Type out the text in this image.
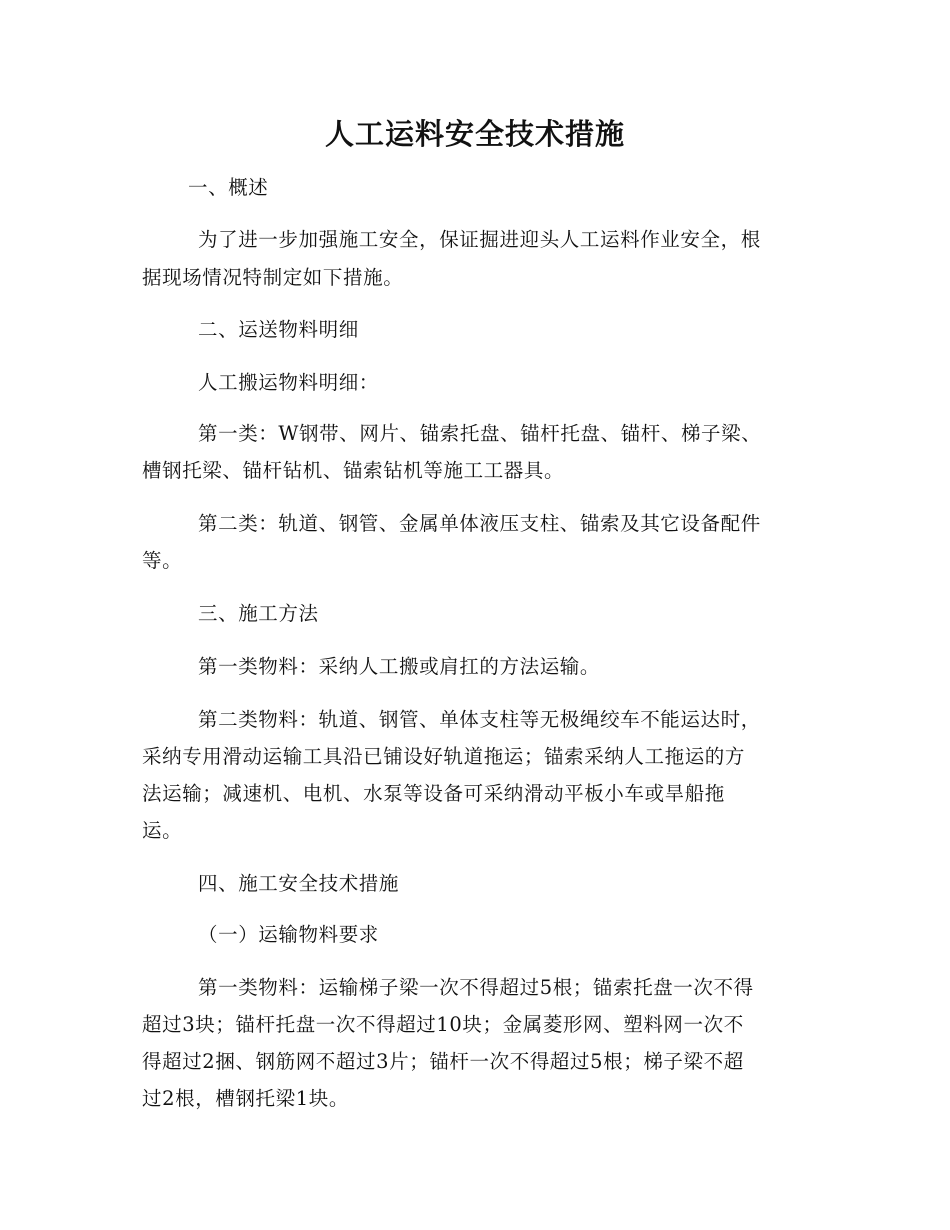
人工运料安全技术措施
一、概述
为了进一步加强施工安全，保证掘进迎头人工运料作业安全，根
据现场情况特制定如下措施。
二、运送物料明细
人工搬运物料明细：
第一类：W钢带、网片、锚索托盘、锚杆托盘、锚杆、梯子梁、
槽钢托梁、锚杆钻机、锚索钻机等施工工器具。
第二类：轨道、钢管、金属单体液压支柱、锚索及其它设备配件
等。
三、施工方法
第一类物料：采纳人工搬或肩扛的方法运输。
第二类物料：轨道、钢管、单体支柱等无极绳绞车不能运达时，
采纳专用滑动运输工具沿已铺设好轨道拖运；锚索采纳人工拖运的方
法运输；减速机、电机、水泵等设备可采纳滑动平板小车或旱船拖
运。
四、施工安全技术措施
（一）运输物料要求
第一类物料：运输梯子梁一次不得超过5根；锚索托盘一次不得
超过3块；锚杆托盘一次不得超过10块；金属菱形网、塑料网一次不
得超过2捆、钢筋网不超过3片；锚杆一次不得超过5根；梯子梁不超
过2根，槽钢托梁1块。
